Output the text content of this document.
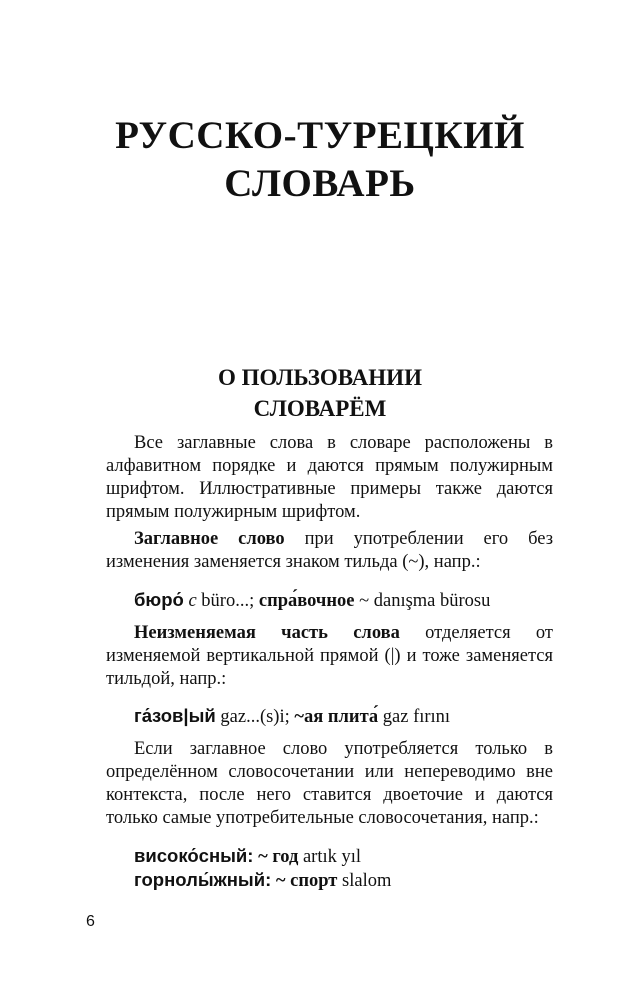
РУССКО-ТУРЕЦКИЙ
СЛОВАРЬ
О ПОЛЬЗОВАНИИ
СЛОВАРЁМ
Все заглавные слова в словаре расположены в алфавитном порядке и даются прямым полужирным шрифтом. Иллюстративные примеры также даются прямым полужирным шрифтом.
Заглавное слово при употреблении его без изменения заменяется знаком тильда (~), напр.:
бюро́ с büro...; спра́вочное ~ danışma bürosu
Неизменяемая часть слова отделяется от изменяемой вертикальной прямой (|) и тоже заменяется тильдой, напр.:
га́зов|ый gaz...(s)i; ~ая плита́ gaz fırını
Если заглавное слово употребляется только в определённом словосочетании или непереводимо вне контекста, после него ставится двоеточие и даются только самые употребительные словосочетания, напр.:
високо́сный: ~ год artık yıl
горнолы́жный: ~ спорт slalom
6
